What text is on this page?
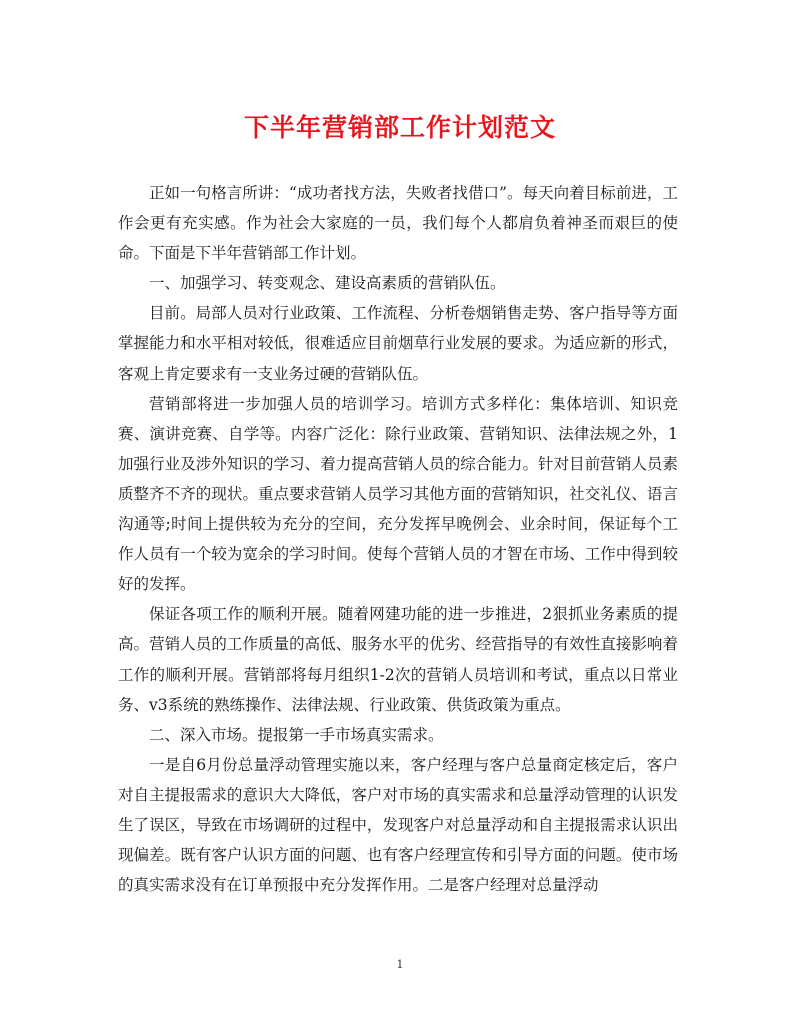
下半年营销部工作计划范文

正如一句格言所讲：“成功者找方法，失败者找借口”。每天向着目标前进，工作会更有充实感。作为社会大家庭的一员，我们每个人都肩负着神圣而艰巨的使命。下面是下半年营销部工作计划。

一、加强学习、转变观念、建设高素质的营销队伍。

目前。局部人员对行业政策、工作流程、分析卷烟销售走势、客户指导等方面掌握能力和水平相对较低，很难适应目前烟草行业发展的要求。为适应新的形式，客观上肯定要求有一支业务过硬的营销队伍。

营销部将进一步加强人员的培训学习。培训方式多样化：集体培训、知识竞赛、演讲竞赛、自学等。内容广泛化：除行业政策、营销知识、法律法规之外，1加强行业及涉外知识的学习、着力提高营销人员的综合能力。针对目前营销人员素质整齐不齐的现状。重点要求营销人员学习其他方面的营销知识，社交礼仪、语言沟通等;时间上提供较为充分的空间，充分发挥早晚例会、业余时间，保证每个工作人员有一个较为宽余的学习时间。使每个营销人员的才智在市场、工作中得到较好的发挥。

保证各项工作的顺利开展。随着网建功能的进一步推进，2狠抓业务素质的提高。营销人员的工作质量的高低、服务水平的优劣、经营指导的有效性直接影响着工作的顺利开展。营销部将每月组织1-2次的营销人员培训和考试，重点以日常业务、v3系统的熟练操作、法律法规、行业政策、供货政策为重点。

二、深入市场。提报第一手市场真实需求。

一是自6月份总量浮动管理实施以来，客户经理与客户总量商定核定后，客户对自主提报需求的意识大大降低，客户对市场的真实需求和总量浮动管理的认识发生了误区，导致在市场调研的过程中，发现客户对总量浮动和自主提报需求认识出现偏差。既有客户认识方面的问题、也有客户经理宣传和引导方面的问题。使市场的真实需求没有在订单预报中充分发挥作用。二是客户经理对总量浮动

1
